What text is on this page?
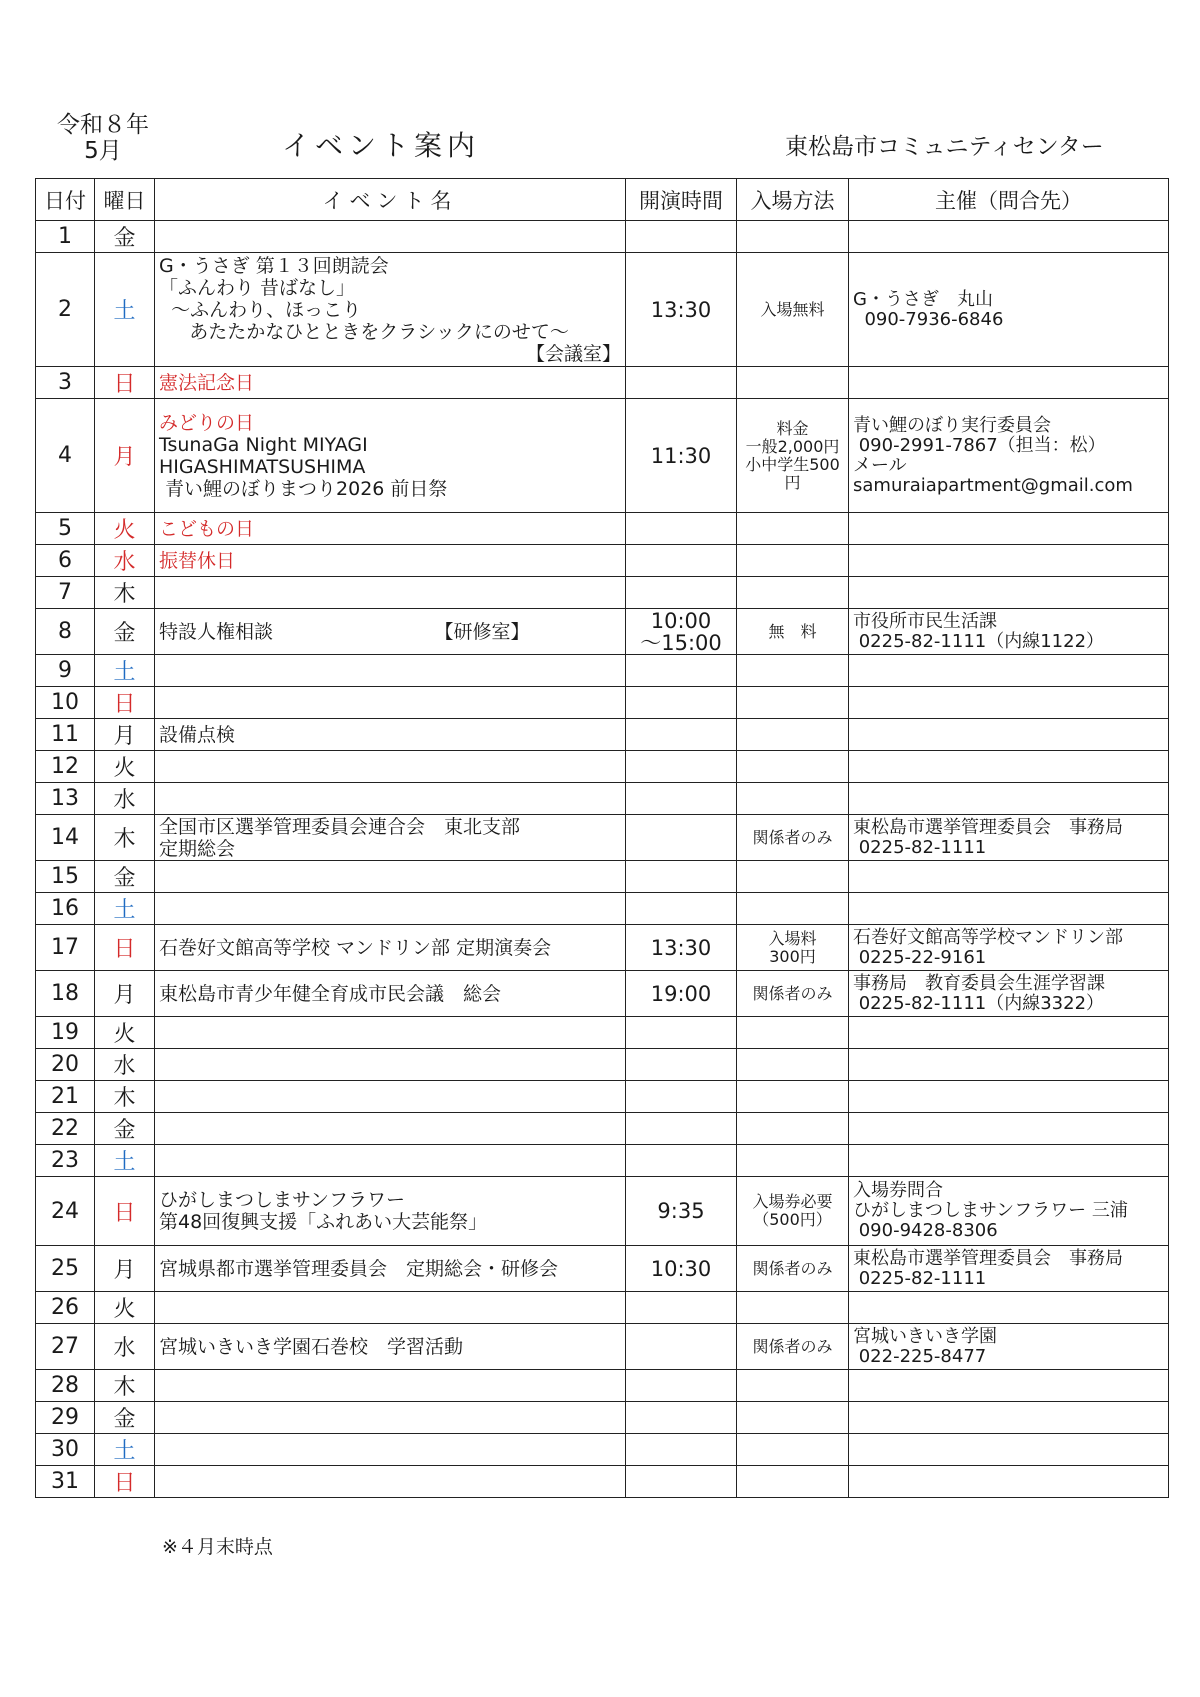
令和８年
5月	イベント案内	東松島市コミュニティセンター
日付	曜日	イベント名	開演時間	入場方法	主催（問合先）
1	金				
2	土	G・うさぎ 第１３回朗読会
「ふんわり 昔ばなし」
〜ふんわり、ほっこり
あたたかなひとときをクラシックにのせて〜
【会議室】	13:30	入場無料	G・うさぎ　丸山
090-7936-6846

3	日	憲法記念日			

4	月	みどりの日
TsunaGa Night MIYAGI
HIGASHIMATSUSHIMA
青い鯉のぼりまつり2026 前日祭	11:30	料金
一般2,000円
小中学生500
円	青い鯉のぼり実行委員会
090-2991-7867（担当：松）
メール
samuraiapartment@gmail.com

5	火	こどもの日			

6	水	振替休日			

7	木				
8	金	特設人権相談　　　　　　　　　【研修室】	10:00
〜15:00	無　料	市役所市民生活課
0225-82-1111（内線1122）

9	土				
10	日				
11	月	設備点検			

12	火				
13	水				
14	木	全国市区選挙管理委員会連合会　東北支部
定期総会		関係者のみ	東松島市選挙管理委員会　事務局
0225-82-1111

15	金				
16	土				
17	日	石巻好文館高等学校 マンドリン部 定期演奏会	13:30	入場料
300円	石巻好文館高等学校マンドリン部
0225-22-9161

18	月	東松島市青少年健全育成市民会議　総会	19:00	関係者のみ	事務局　教育委員会生涯学習課
0225-82-1111（内線3322）

19	火				
20	水				
21	木				
22	金				
23	土				
24	日	ひがしまつしまサンフラワー
第48回復興支援「ふれあい大芸能祭」	9:35	入場券必要
（500円）	入場券問合
ひがしまつしまサンフラワー 三浦
090-9428-8306

25	月	宮城県都市選挙管理委員会　定期総会・研修会	10:30	関係者のみ	東松島市選挙管理委員会　事務局
0225-82-1111

26	火				
27	水	宮城いきいき学園石巻校　学習活動		関係者のみ	宮城いきいき学園
022-225-8477

28	木				
29	金				
30	土				
31	日				
※４月末時点
